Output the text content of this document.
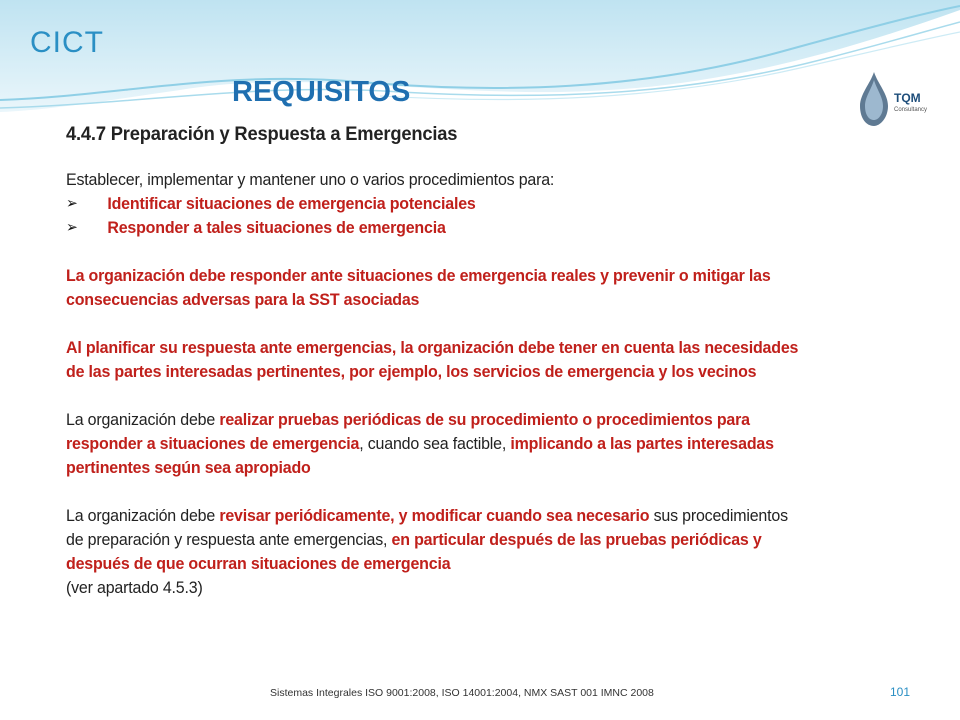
CICT
REQUISITOS	TQM
Consultancy
4.4.7 Preparación y Respuesta a Emergencias

Establecer, implementar y mantener uno o varios procedimientos para:

➢	Identificar situaciones de emergencia potenciales
➢	Responder a tales situaciones de emergencia

La organización debe responder ante situaciones de emergencia reales y prevenir o mitigar las consecuencias adversas para la SST asociadas

Al planificar su respuesta ante emergencias, la organización debe tener en cuenta las necesidades de las partes interesadas pertinentes, por ejemplo, los servicios de emergencia y los vecinos

La organización debe realizar pruebas periódicas de su procedimiento o procedimientos para responder a situaciones de emergencia, cuando sea factible, implicando a las partes interesadas pertinentes según sea apropiado

La organización debe revisar periódicamente, y modificar cuando sea necesario sus procedimientos de preparación y respuesta ante emergencias, en particular después de las pruebas periódicas y después de que ocurran situaciones de emergencia
(ver apartado 4.5.3)

Sistemas Integrales ISO 9001:2008, ISO 14001:2004, NMX SAST 001 IMNC 2008	101
